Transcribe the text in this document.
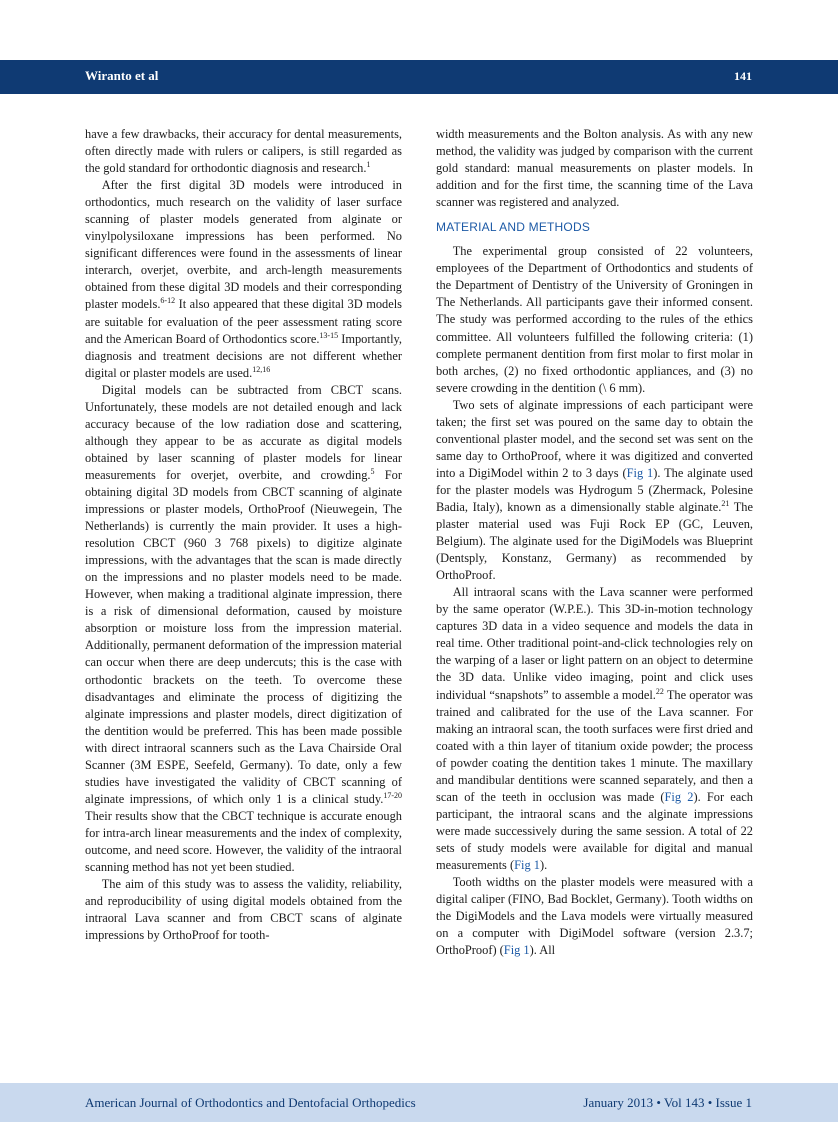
Wiranto et al	141

have a few drawbacks, their accuracy for dental measurements, often directly made with rulers or calipers, is still regarded as the gold standard for orthodontic diagnosis and research.$^1$

After the first digital 3D models were introduced in orthodontics, much research on the validity of laser surface scanning of plaster models generated from alginate or vinylpolysiloxane impressions has been performed. No significant differences were found in the assessments of linear interarch, overjet, overbite, and arch-length measurements obtained from these digital 3D models and their corresponding plaster models.$^{6-12}$ It also appeared that these digital 3D models are suitable for evaluation of the peer assessment rating score and the American Board of Orthodontics score.$^{13-15}$ Importantly, diagnosis and treatment decisions are not different whether digital or plaster models are used.$^{12,16}$

Digital models can be subtracted from CBCT scans. Unfortunately, these models are not detailed enough and lack accuracy because of the low radiation dose and scattering, although they appear to be as accurate as digital models obtained by laser scanning of plaster models for linear measurements for overjet, overbite, and crowding.$^5$ For obtaining digital 3D models from CBCT scanning of alginate impressions or plaster models, OrthoProof (Nieuwegein, The Netherlands) is currently the main provider. It uses a high-resolution CBCT (960 3 768 pixels) to digitize alginate impressions, with the advantages that the scan is made directly on the impressions and no plaster models need to be made. However, when making a traditional alginate impression, there is a risk of dimensional deformation, caused by moisture absorption or moisture loss from the impression material. Additionally, permanent deformation of the impression material can occur when there are deep undercuts; this is the case with orthodontic brackets on the teeth. To overcome these disadvantages and eliminate the process of digitizing the alginate impressions and plaster models, direct digitization of the dentition would be preferred. This has been made possible with direct intraoral scanners such as the Lava Chairside Oral Scanner (3M ESPE, Seefeld, Germany). To date, only a few studies have investigated the validity of CBCT scanning of alginate impressions, of which only 1 is a clinical study.$^{17-20}$ Their results show that the CBCT technique is accurate enough for intra-arch linear measurements and the index of complexity, outcome, and need score. However, the validity of the intraoral scanning method has not yet been studied.

The aim of this study was to assess the validity, reliability, and reproducibility of using digital models obtained from the intraoral Lava scanner and from CBCT scans of alginate impressions by OrthoProof for tooth-

width measurements and the Bolton analysis. As with any new method, the validity was judged by comparison with the current gold standard: manual measurements on plaster models. In addition and for the first time, the scanning time of the Lava scanner was registered and analyzed.

MATERIAL AND METHODS

The experimental group consisted of 22 volunteers, employees of the Department of Orthodontics and students of the Department of Dentistry of the University of Groningen in The Netherlands. All participants gave their informed consent. The study was performed according to the rules of the ethics committee. All volunteers fulfilled the following criteria: (1) complete permanent dentition from first molar to first molar in both arches, (2) no fixed orthodontic appliances, and (3) no severe crowding in the dentition (\ 6 mm).

Two sets of alginate impressions of each participant were taken; the first set was poured on the same day to obtain the conventional plaster model, and the second set was sent on the same day to OrthoProof, where it was digitized and converted into a DigiModel within 2 to 3 days (Fig 1). The alginate used for the plaster models was Hydrogum 5 (Zhermack, Polesine Badia, Italy), known as a dimensionally stable alginate.$^{21}$ The plaster material used was Fuji Rock EP (GC, Leuven, Belgium). The alginate used for the DigiModels was Blueprint (Dentsply, Konstanz, Germany) as recommended by OrthoProof.

All intraoral scans with the Lava scanner were performed by the same operator (W.P.E.). This 3D-in-motion technology captures 3D data in a video sequence and models the data in real time. Other traditional point-and-click technologies rely on the warping of a laser or light pattern on an object to determine the 3D data. Unlike video imaging, point and click uses individual “snapshots” to assemble a model.$^{22}$ The operator was trained and calibrated for the use of the Lava scanner. For making an intraoral scan, the tooth surfaces were first dried and coated with a thin layer of titanium oxide powder; the process of powder coating the dentition takes 1 minute. The maxillary and mandibular dentitions were scanned separately, and then a scan of the teeth in occlusion was made (Fig 2). For each participant, the intraoral scans and the alginate impressions were made successively during the same session. A total of 22 sets of study models were available for digital and manual measurements (Fig 1).

Tooth widths on the plaster models were measured with a digital caliper (FINO, Bad Bocklet, Germany). Tooth widths on the DigiModels and the Lava models were virtually measured on a computer with DigiModel software (version 2.3.7; OrthoProof) (Fig 1). All

American Journal of Orthodontics and Dentofacial Orthopedics	January 2013 • Vol 143 • Issue 1
